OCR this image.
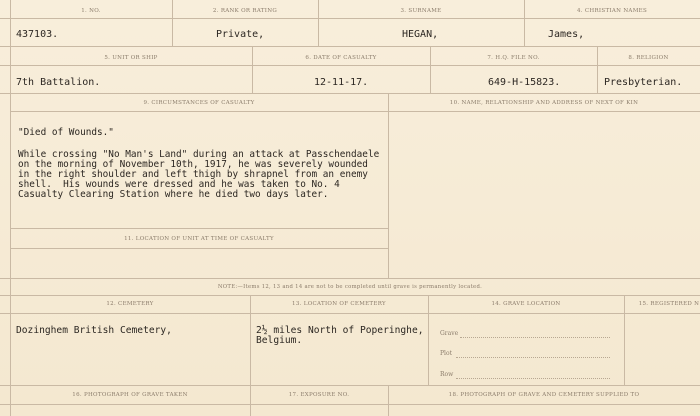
1. NO.	2. RANK OR RATING	3. SURNAME	4. CHRISTIAN NAMES
437103.	Private,	HEGAN,	James,
5. UNIT OR SHIP	6. DATE OF CASUALTY	7. H.Q. FILE NO.	8. RELIGION
7th Battalion.	12-11-17.	649-H-15823.	Presbyterian.
9. CIRCUMSTANCES OF CASUALTY	10. NAME, RELATIONSHIP AND ADDRESS OF NEXT OF KIN
"Died of Wounds."
While crossing "No Man's Land" during an attack at Passchendaele
on the morning of November 10th, 1917, he was severely wounded
in the right shoulder and left thigh by shrapnel from an enemy
shell.  His wounds were dressed and he was taken to No. 4
Casualty Clearing Station where he died two days later.
11. LOCATION OF UNIT AT TIME OF CASUALTY
NOTE:—Items 12, 13 and 14 are not to be completed until grave is permanently located.
12. CEMETERY	13. LOCATION OF CEMETERY	14. GRAVE LOCATION	15. REGISTERED N
Dozinghem British Cemetery,	2½ miles North of Poperinghe,
Belgium.
Grave
Plot
Row
16. PHOTOGRAPH OF GRAVE TAKEN	17. EXPOSURE NO.	18. PHOTOGRAPH OF GRAVE AND CEMETERY SUPPLIED TO
